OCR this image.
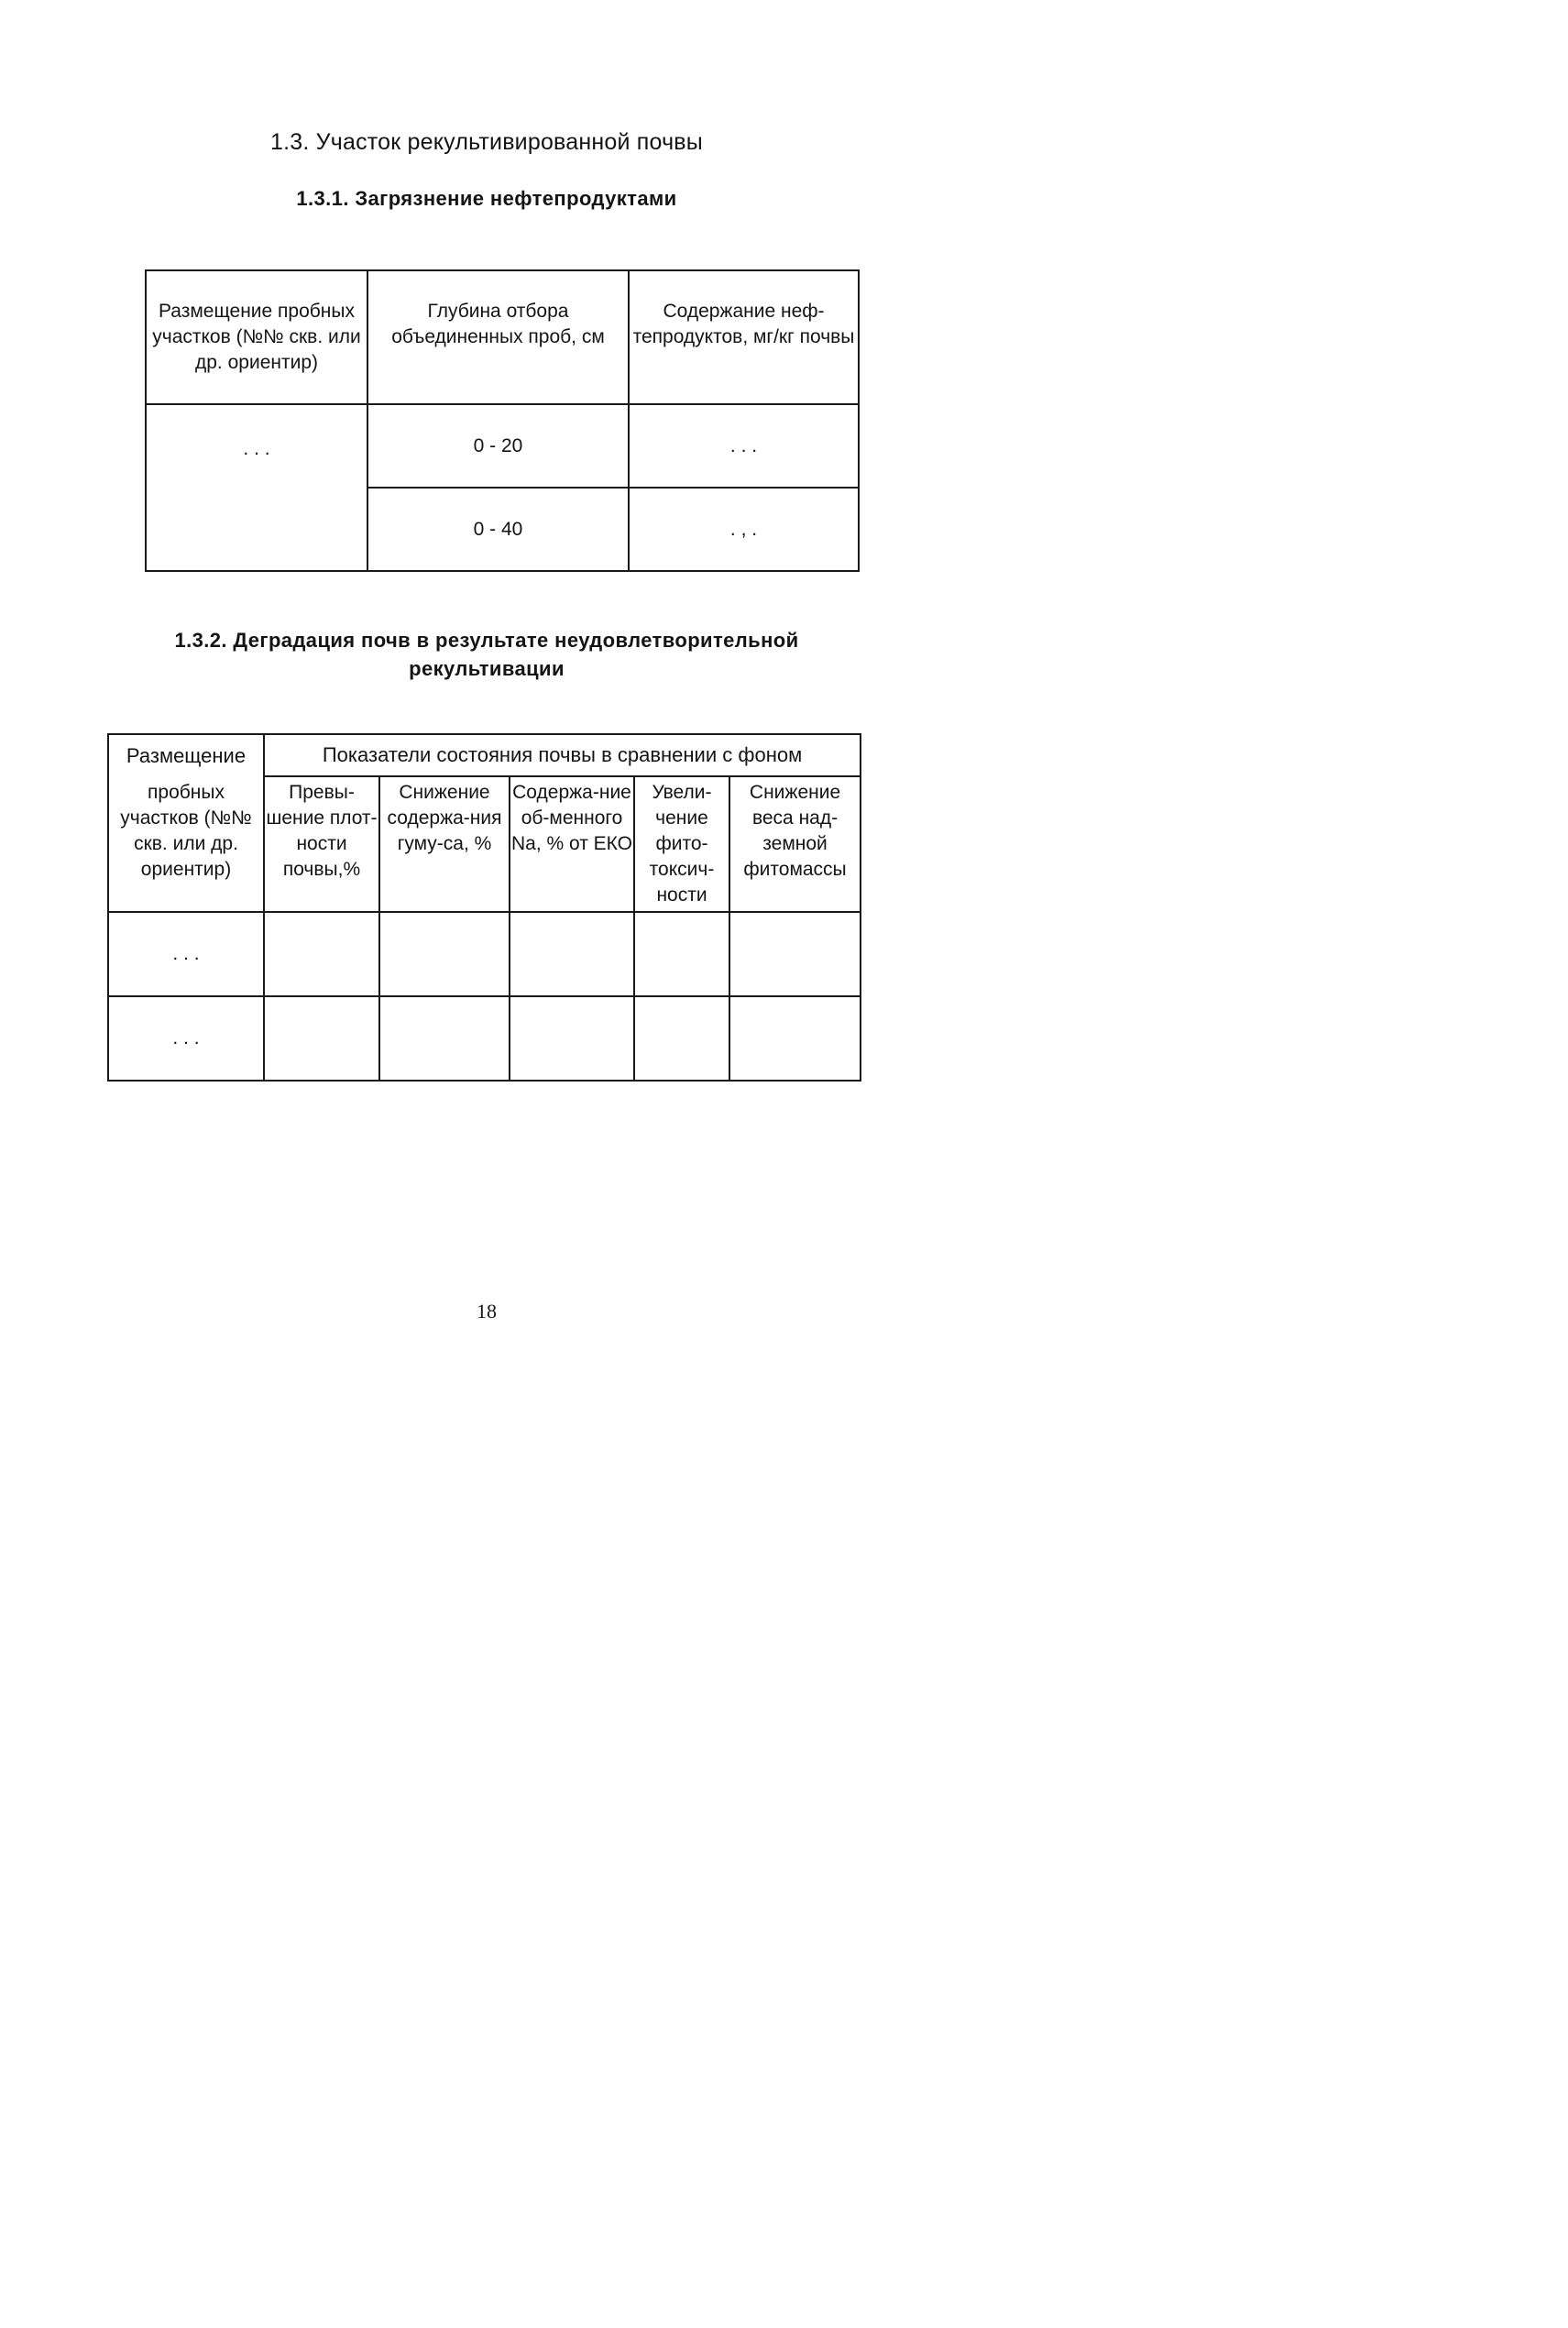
1.3. Участок рекультивированной почвы
1.3.1. Загрязнение нефтепродуктами
Размещение пробных участков (№№ скв. или др. ориентир)	Глубина отбора объединенных проб, см	Содержание неф-тепродуктов, мг/кг почвы
. . .	0 - 20	. . .
	0 - 40	. , .
1.3.2. Деградация почв в результате неудовлетворительной
рекультивации
Размещение	Показатели состояния почвы в сравнении с фоном				
пробных участков (№№ скв. или др. ориентир)	Превы-шение плот-ности почвы,%	Снижение содержа-ния гуму-са, %	Содержа-ние об-менного Na, % от ЕКО	Увели-чение фито-токсич-ности	Снижение веса над-земной фитомассы
. . .					
. . .					
18
